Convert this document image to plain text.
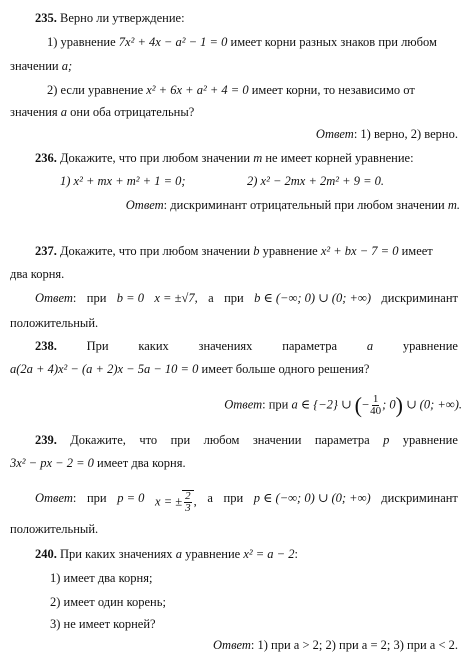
235. Верно ли утверждение:
1) уравнение 7x² + 4x − a² − 1 = 0 имеет корни разных знаков при любом
значении a;
2) если уравнение x² + 6x + a² + 4 = 0 имеет корни, то независимо от
значения a они оба отрицательны?
Ответ: 1) верно, 2) верно.
236. Докажите, что при любом значении m не имеет корней уравнение:
1) x² + mx + m² + 1 = 0;	2) x² − 2mx + 2m² + 9 = 0.
Ответ: дискриминант отрицательный при любом значении m.
237. Докажите, что при любом значении b уравнение x² + bx − 7 = 0 имеет
два корня.
Ответ: при b = 0 x = ±√7, а при b ∈ (−∞; 0) ∪ (0; +∞) дискриминант
положительный.
238. При каких значениях параметра a уравнение
a(2a + 4)x² − (a + 2)x − 5a − 10 = 0 имеет больше одного решения?
Ответ: при a ∈ {−2} ∪ (− $\frac{1}{40}$ ; 0) ∪ (0; +∞).
239. Докажите, что при любом значении параметра p уравнение
3x² − px − 2 = 0 имеет два корня.
Ответ: при p = 0 x = ± $\frac{2}{3}$ , а при p ∈ (−∞; 0) ∪ (0; +∞) дискриминант
положительный.
240. При каких значениях a уравнение x² = a − 2:
1) имеет два корня;
2) имеет один корень;
3) не имеет корней?
Ответ: 1) при a > 2; 2) при a = 2; 3) при a < 2.
